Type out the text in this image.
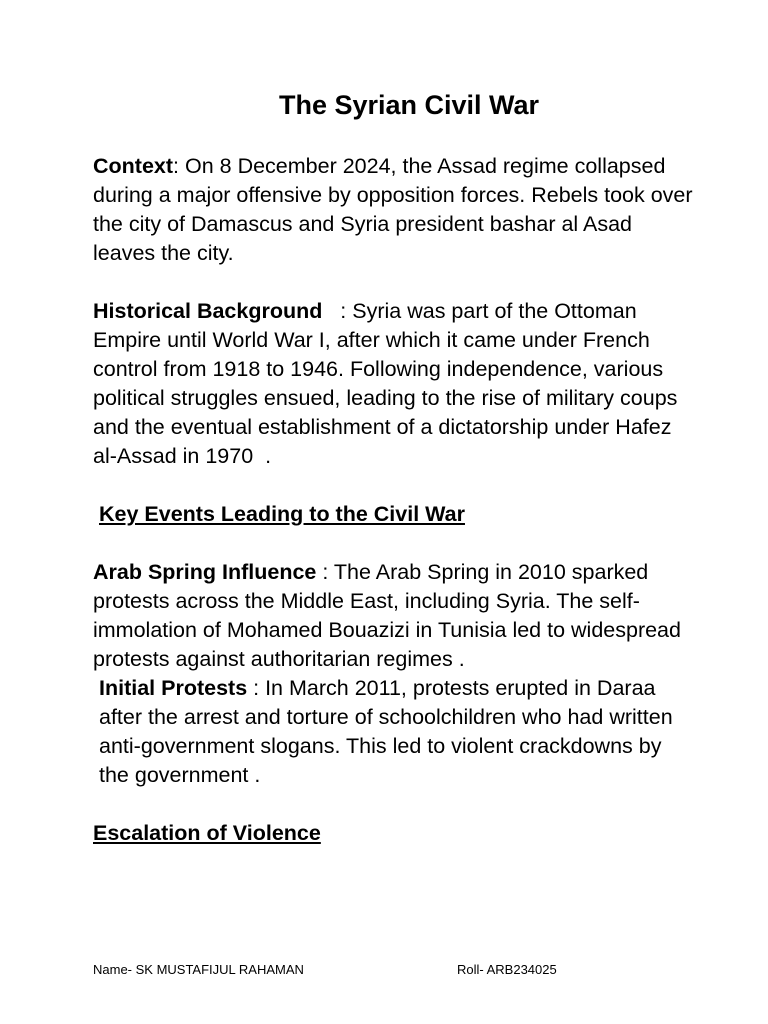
The Syrian Civil War

Context: On 8 December 2024, the Assad regime collapsed during a major offensive by opposition forces. Rebels took over the city of Damascus and Syria president bashar al Asad leaves the city.

Historical Background   : Syria was part of the Ottoman Empire until World War I, after which it came under French control from 1918 to 1946. Following independence, various political struggles ensued, leading to the rise of military coups and the eventual establishment of a dictatorship under Hafez al-Assad in 1970  .

Key Events Leading to the Civil War

Arab Spring Influence : The Arab Spring in 2010 sparked protests across the Middle East, including Syria. The self-immolation of Mohamed Bouazizi in Tunisia led to widespread protests against authoritarian regimes .

Initial Protests : In March 2011, protests erupted in Daraa after the arrest and torture of schoolchildren who had written anti-government slogans. This led to violent crackdowns by the government .

Escalation of Violence

Name- SK MUSTAFIJUL RAHAMAN	Roll- ARB234025
